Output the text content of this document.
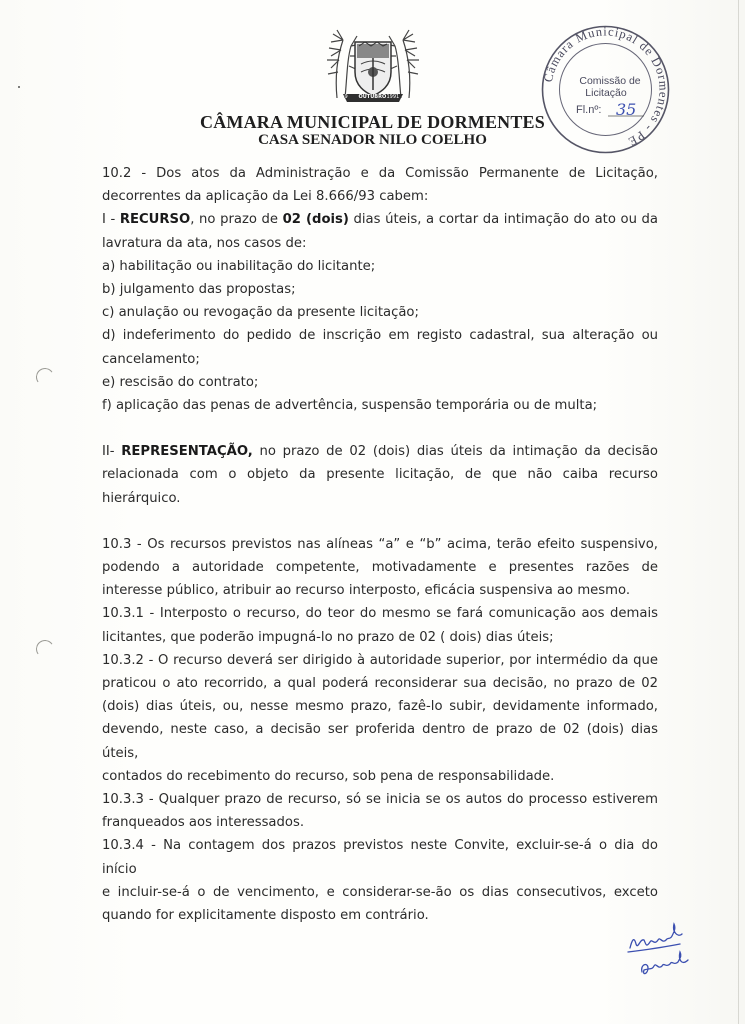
9 OUTUBRO 1991
CÂMARA MUNICIPAL DE DORMENTES
CASA SENADOR NILO COELHO
Câmara Municipal de Dormentes - PE
Comissão de
Licitação
Fl.nº: 35

10.2 - Dos atos da Administração e da Comissão Permanente de Licitação,

decorrentes da aplicação da Lei 8.666/93 cabem:

I - RECURSO, no prazo de 02 (dois) dias úteis, a cortar da intimação do ato ou da

lavratura da ata, nos casos de:

a) habilitação ou inabilitação do licitante;

b) julgamento das propostas;

c) anulação ou revogação da presente licitação;

d) indeferimento do pedido de inscrição em registo cadastral, sua alteração ou

cancelamento;

e) rescisão do contrato;

f) aplicação das penas de advertência, suspensão temporária ou de multa;

II- REPRESENTAÇÃO, no prazo de 02 (dois) dias úteis da intimação da decisão

relacionada com o objeto da presente licitação, de que não caiba recurso

hierárquico.

10.3 - Os recursos previstos nas alíneas “a” e “b” acima, terão efeito suspensivo,

podendo a autoridade competente, motivadamente e presentes razões de

interesse público, atribuir ao recurso interposto, eficácia suspensiva ao mesmo.

10.3.1 - Interposto o recurso, do teor do mesmo se fará comunicação aos demais

licitantes, que poderão impugná-lo no prazo de 02 ( dois) dias úteis;

10.3.2 - O recurso deverá ser dirigido à autoridade superior, por intermédio da que

praticou o ato recorrido, a qual poderá reconsiderar sua decisão, no prazo de 02

(dois) dias úteis, ou, nesse mesmo prazo, fazê-lo subir, devidamente informado,

devendo, neste caso, a decisão ser proferida dentro de prazo de 02 (dois) dias úteis,

contados do recebimento do recurso, sob pena de responsabilidade.

10.3.3 - Qualquer prazo de recurso, só se inicia se os autos do processo estiverem

franqueados aos interessados.

10.3.4 - Na contagem dos prazos previstos neste Convite, excluir-se-á o dia do início

e incluir-se-á o de vencimento, e considerar-se-ão os dias consecutivos, exceto

quando for explicitamente disposto em contrário.
